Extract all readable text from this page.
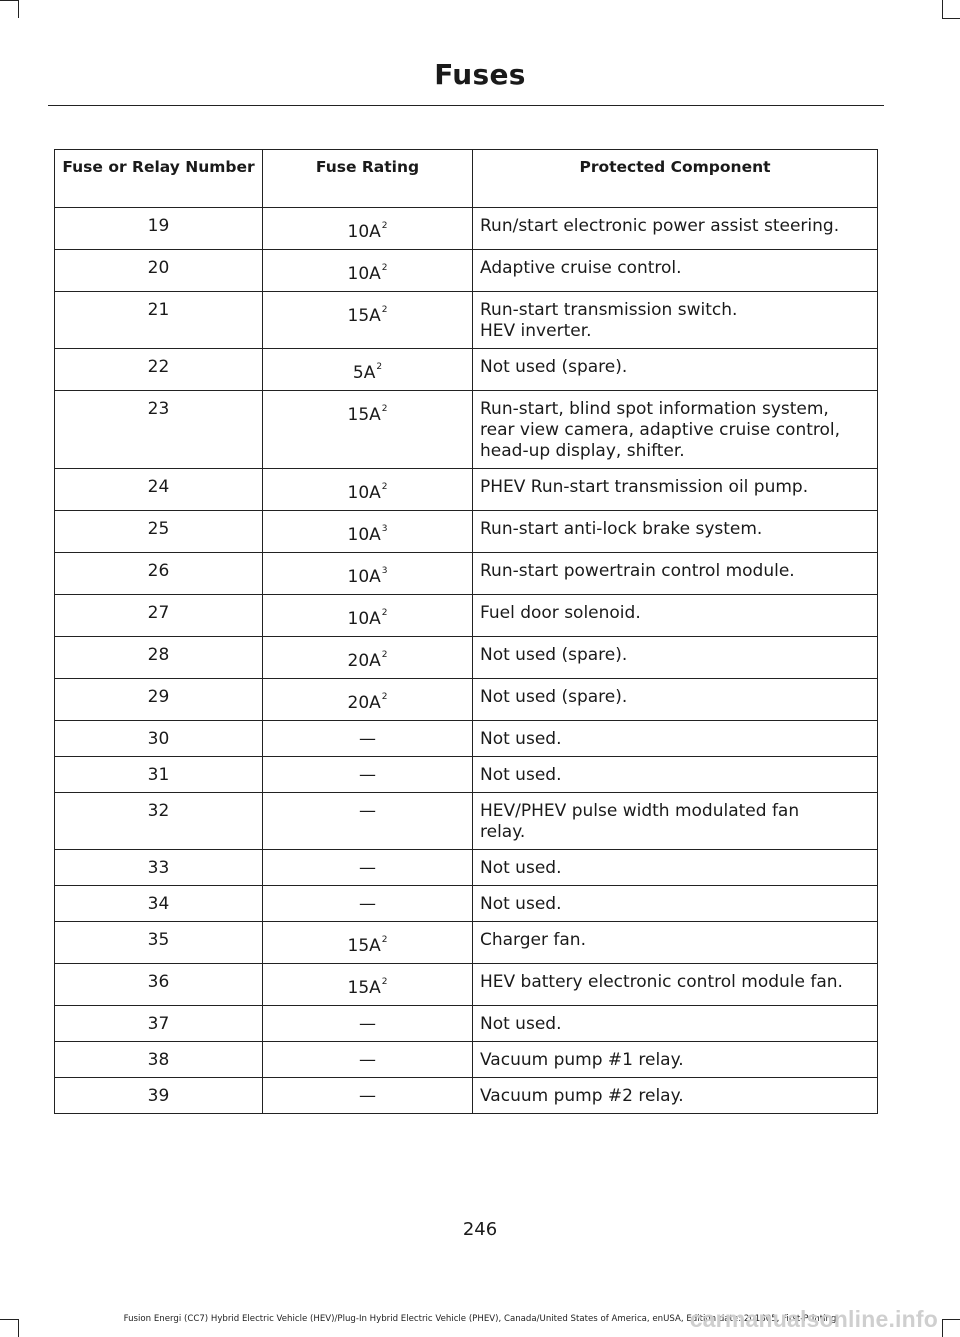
Fuses
Fuse or Relay Number	Fuse Rating	Protected Component
19	$10A^2$	Run/start electronic power assist steering.

20	$10A^2$	Adaptive cruise control.

21	$15A^2$	Run-start transmission switch.
HEV inverter.

22	$5A^2$	Not used (spare).

23	$15A^2$	Run-start, blind spot information system,
rear view camera, adaptive cruise control,
head-up display, shifter.

24	$10A^2$	PHEV Run-start transmission oil pump.

25	$10A^3$	Run-start anti-lock brake system.

26	$10A^3$	Run-start powertrain control module.

27	$10A^2$	Fuel door solenoid.

28	$20A^2$	Not used (spare).

29	$20A^2$	Not used (spare).

30	—	Not used.

31	—	Not used.

32	—	HEV/PHEV pulse width modulated fan
relay.

33	—	Not used.

34	—	Not used.

35	$15A^2$	Charger fan.

36	$15A^2$	HEV battery electronic control module fan.

37	—	Not used.

38	—	Vacuum pump #1 relay.

39	—	Vacuum pump #2 relay.
246
Fusion Energi (CC7) Hybrid Electric Vehicle (HEV)/Plug-In Hybrid Electric Vehicle (PHEV), Canada/United States of America, enUSA, Edition date: 201805, First-Printing
carmanualsonline.info
